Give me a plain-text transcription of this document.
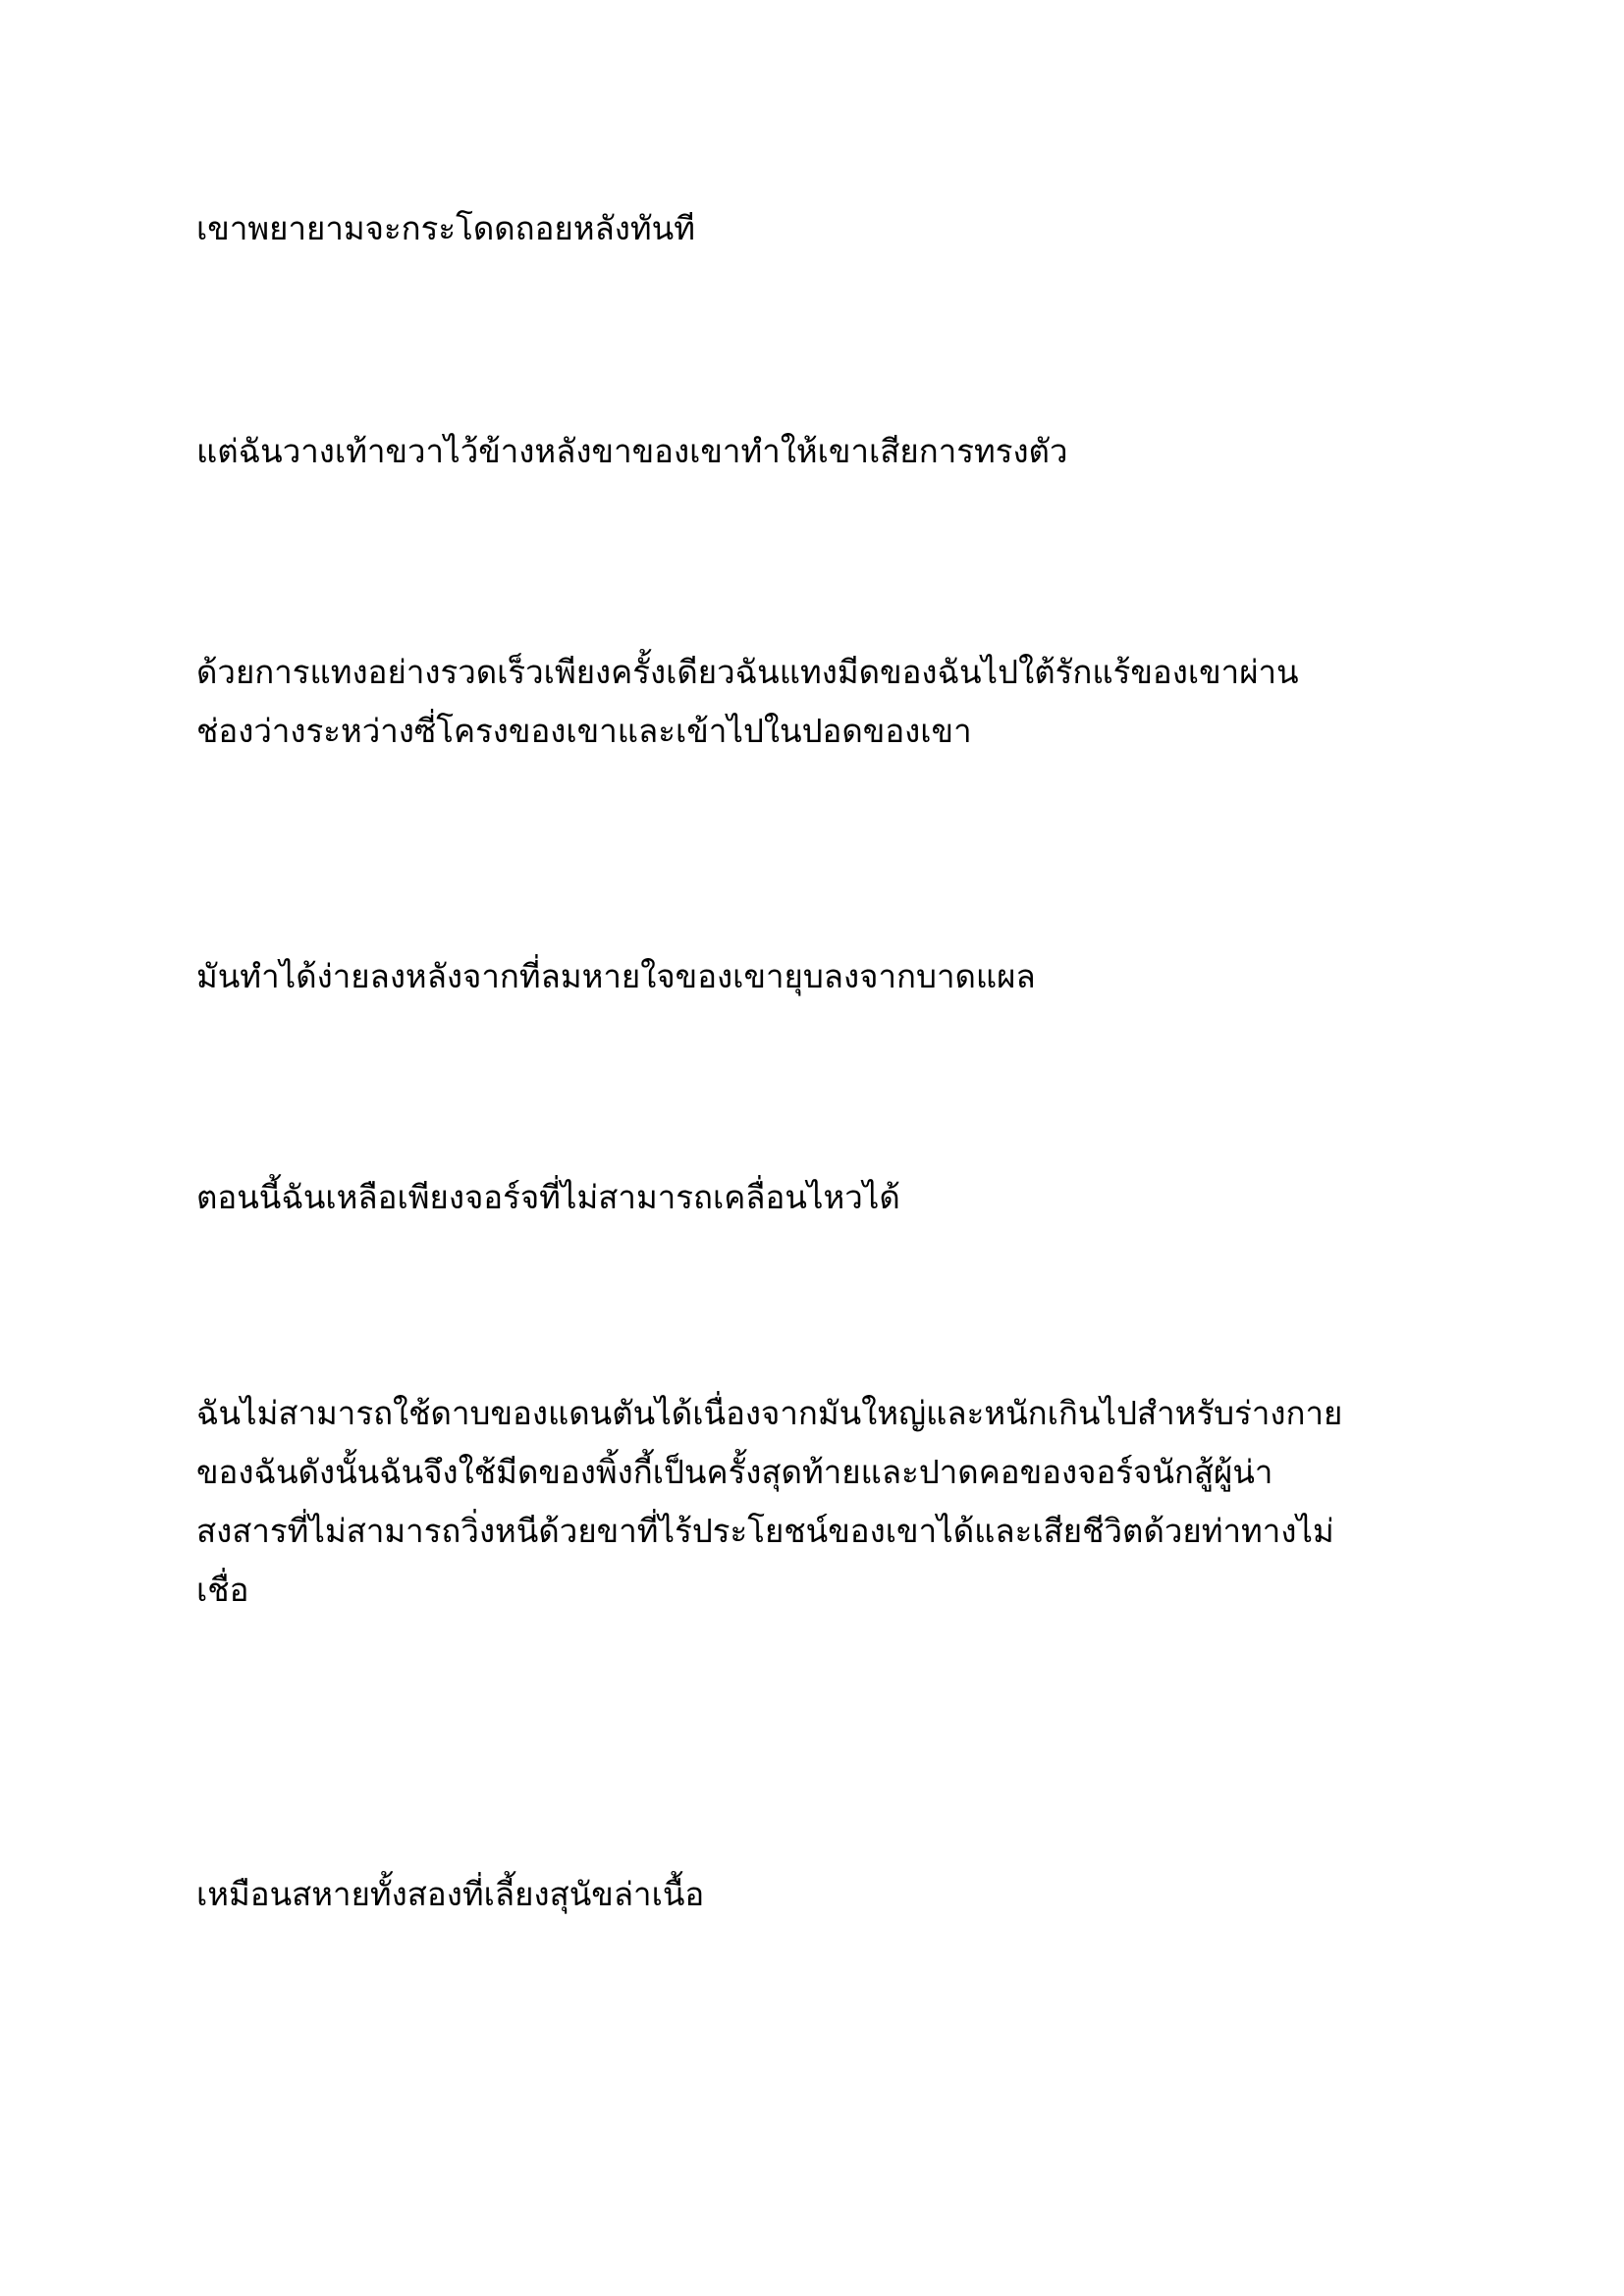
เขาพยายามจะกระโดดถอยหลังทันที

แต่ฉันวางเท้าขวาไว้ข้างหลังขาของเขาทำให้เขาเสียการทรงตัว

ด้วยการแทงอย่างรวดเร็วเพียงครั้งเดียวฉันแทงมีดของฉันไปใต้รักแร้ของเขาผ่าน
ช่องว่างระหว่างซี่โครงของเขาและเข้าไปในปอดของเขา

มันทำได้ง่ายลงหลังจากที่ลมหายใจของเขายุบลงจากบาดแผล

ตอนนี้ฉันเหลือเพียงจอร์จที่ไม่สามารถเคลื่อนไหวได้

ฉันไม่สามารถใช้ดาบของแดนตันได้เนื่องจากมันใหญ่และหนักเกินไปสำหรับร่างกาย
ของฉันดังนั้นฉันจึงใช้มีดของพิ้งกี้เป็นครั้งสุดท้ายและปาดคอของจอร์จนักสู้ผู้น่า
สงสารที่ไม่สามารถวิ่งหนีด้วยขาที่ไร้ประโยชน์ของเขาได้และเสียชีวิตด้วยท่าทางไม่
เชื่อ

เหมือนสหายทั้งสองที่เลี้ยงสุนัขล่าเนื้อ
